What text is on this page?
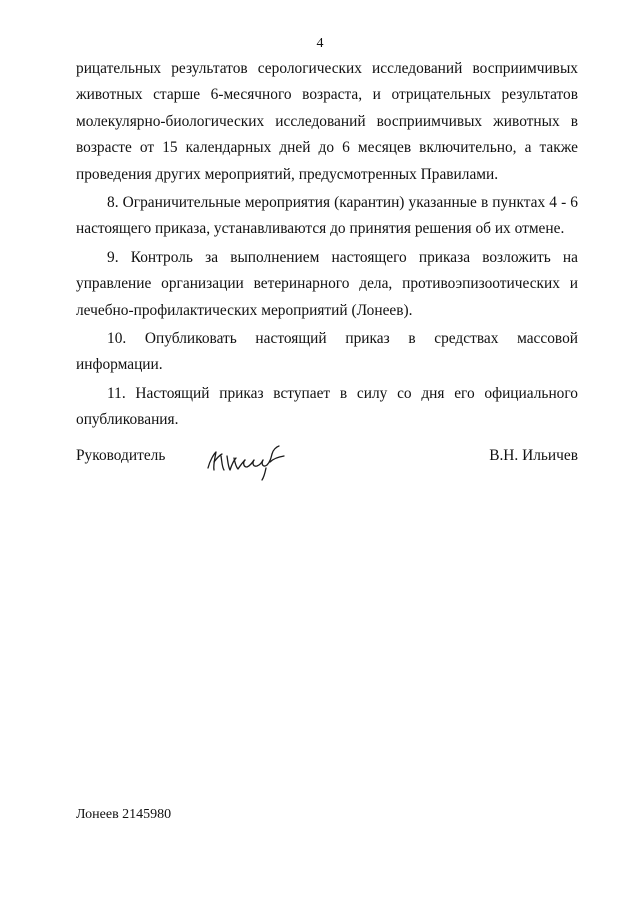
4

рицательных результатов серологических исследований восприимчивых животных старше 6-месячного возраста, и отрицательных результатов молекулярно-биологических исследований восприимчивых животных в возрасте от 15 календарных дней до 6 месяцев включительно, а также проведения других мероприятий, предусмотренных Правилами.

8. Ограничительные мероприятия (карантин) указанные в пунктах 4 - 6 настоящего приказа, устанавливаются до принятия решения об их отмене.

9. Контроль за выполнением настоящего приказа возложить на управление организации ветеринарного дела, противоэпизоотических и лечебно-профилактических мероприятий (Лонеев).

10. Опубликовать настоящий приказ в средствах массовой информации.

11. Настоящий приказ вступает в силу со дня его официального опубликования.

Руководитель	В.Н. Ильичев
Лонеев 2145980
